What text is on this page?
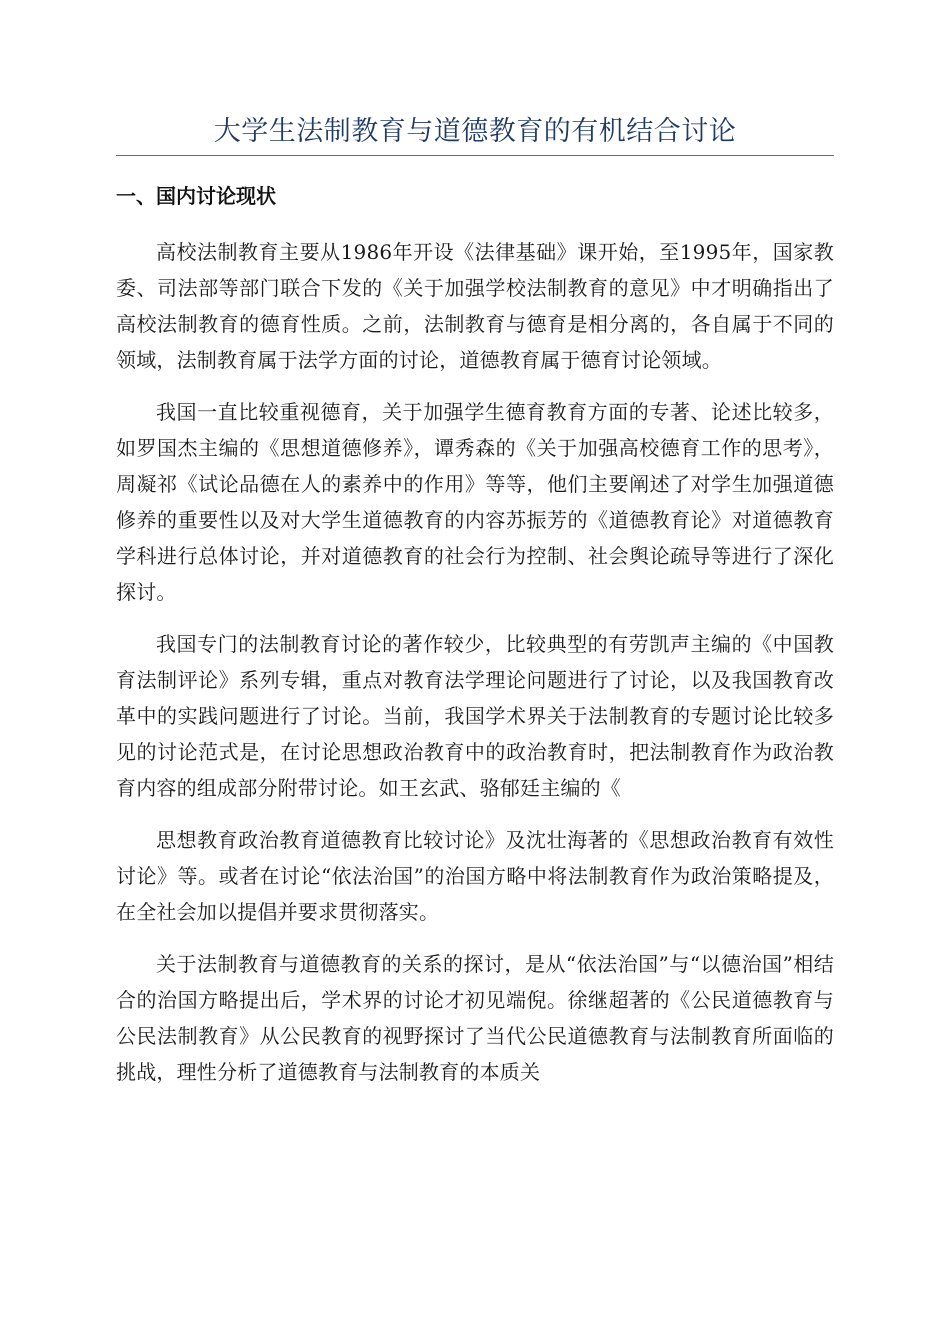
大学生法制教育与道德教育的有机结合讨论
一、国内讨论现状

高校法制教育主要从1986年开设《法律基础》课开始，至1995年，国家教委、司法部等部门联合下发的《关于加强学校法制教育的意见》中才明确指出了高校法制教育的德育性质。之前，法制教育与德育是相分离的，各自属于不同的领域，法制教育属于法学方面的讨论，道德教育属于德育讨论领域。

我国一直比较重视德育，关于加强学生德育教育方面的专著、论述比较多，如罗国杰主编的《思想道德修养》，谭秀森的《关于加强高校德育工作的思考》，周凝祁《试论品德在人的素养中的作用》等等，他们主要阐述了对学生加强道德修养的重要性以及对大学生道德教育的内容苏振芳的《道德教育论》对道德教育学科进行总体讨论，并对道德教育的社会行为控制、社会舆论疏导等进行了深化探讨。

我国专门的法制教育讨论的著作较少，比较典型的有劳凯声主编的《中国教育法制评论》系列专辑，重点对教育法学理论问题进行了讨论，以及我国教育改革中的实践问题进行了讨论。当前，我国学术界关于法制教育的专题讨论比较多见的讨论范式是，在讨论思想政治教育中的政治教育时，把法制教育作为政治教育内容的组成部分附带讨论。如王玄武、骆郁廷主编的《

思想教育政治教育道德教育比较讨论》及沈壮海著的《思想政治教育有效性讨论》等。或者在讨论“依法治国”的治国方略中将法制教育作为政治策略提及，在全社会加以提倡并要求贯彻落实。

关于法制教育与道德教育的关系的探讨，是从“依法治国”与“以德治国”相结合的治国方略提出后，学术界的讨论才初见端倪。徐继超著的《公民道德教育与公民法制教育》从公民教育的视野探讨了当代公民道德教育与法制教育所面临的挑战，理性分析了道德教育与法制教育的本质关
